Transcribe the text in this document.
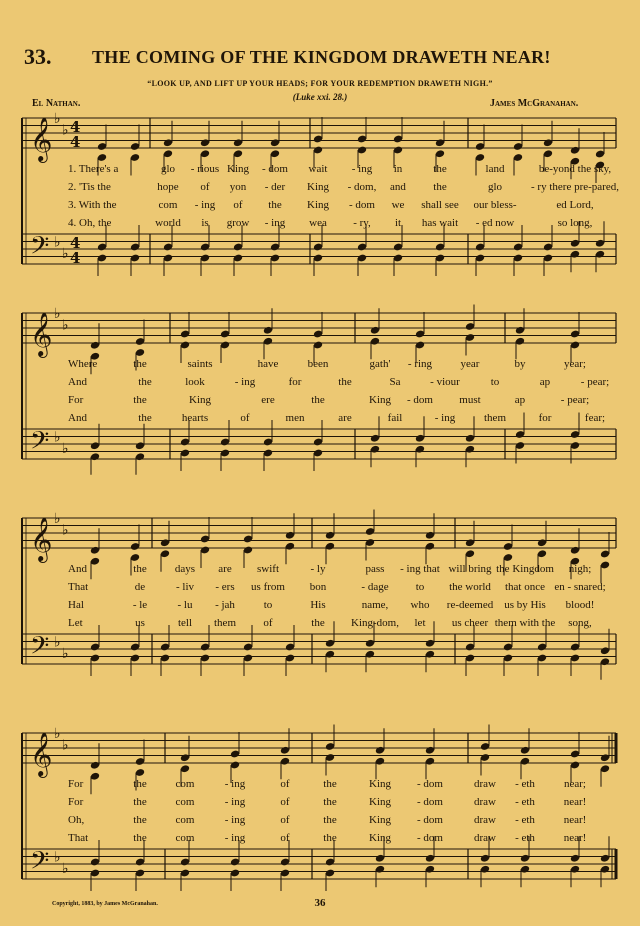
33. THE COMING OF THE KINGDOM DRAWETH NEAR!
“LOOK UP, AND LIFT UP YOUR HEADS; FOR YOUR REDEMPTION DRAWETH NIGH.”
(Luke xxi. 28.)
El Nathan.	James McGranahan.
𝄞
𝄢
♭
♭
♭
♭
4
4
4
4
𝄞
𝄢
♭
♭
♭
♭
𝄞
𝄢
♭
♭
♭
♭
𝄞
𝄢
♭
♭
♭
♭
1. There's a	glo - rious King - dom wait - ing in	the	land	be-yond the sky,
2. 'Tis the	hope of yon - der King - dom, and the	glo	- ry there pre-pared,
3. With the	com - ing of the King - dom we shall see our bless-	ed Lord,
4. Oh, the	world is grow - ing wea - ry, it has wait - ed now	so long,
Where	the	saints	have	been	gath' - ring	year	by	year;
And	the	look	- ing	for	the	Sa	- viour	to	ap	- pear;
For	the	King	ere	the	King - dom must	ap	- pear;
And	the	hearts	of	men	are	fail	- ing	them	for	fear;
And	the	days are swift	- ly	pass - ing that will bring the Kingdom nigh;
That	de	- liv - ers us from bon	- dage to the world that once en - snared;
Hal	- le	- lu - jah	to	His	name, who re-deemed us by His blood!
Let	us	tell them of	the King-dom, let us cheer them with the song,
For	the	com	- ing	of	the	King - dom	draw - eth	near;
For	the	com	- ing	of	the	King - dom	draw - eth	near!
Oh,	the	com	- ing	of	the	King - dom	draw - eth	near!
That	the	com	- ing	of	the	King - dom	draw - eth	near!
Copyright, 1883, by James McGranahan.	36
